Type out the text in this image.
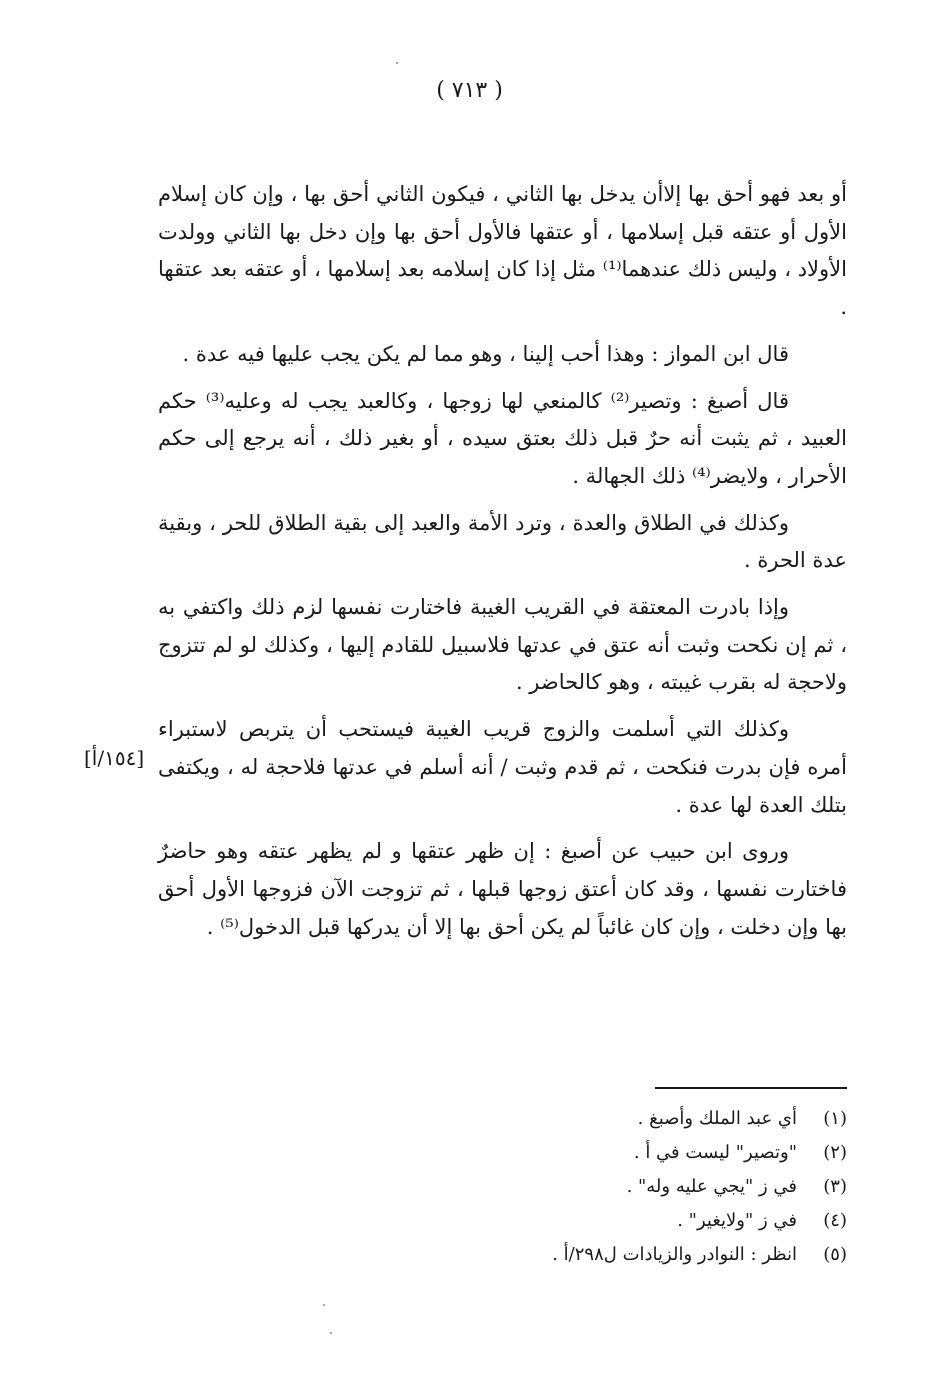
( ٧١٣ )

أو بعد فهو أحق بها إلاأن يدخل بها الثاني ، فيكون الثاني أحق بها ، وإن كان إسلام الأول أو عتقه قبل إسلامها ، أو عتقها فالأول أحق بها وإن دخل بها الثاني وولدت الأولاد ، وليس ذلك عندهما⁽¹⁾ مثل إذا كان إسلامه بعد إسلامها ، أو عتقه بعد عتقها .

قال ابن المواز : وهذا أحب إلينا ، وهو مما لم يكن يجب عليها فيه عدة .

قال أصبغ : وتصير⁽²⁾ كالمنعي لها زوجها ، وكالعبد يجب له وعليه⁽³⁾ حكم العبيد ، ثم يثبت أنه حرٌ قبل ذلك بعتق سيده ، أو بغير ذلك ، أنه يرجع إلى حكم الأحرار ، ولايضر⁽⁴⁾ ذلك الجهالة .

وكذلك في الطلاق والعدة ، وترد الأمة والعبد إلى بقية الطلاق للحر ، وبقية عدة الحرة .

وإذا بادرت المعتقة في القريب الغيبة فاختارت نفسها لزم ذلك واكتفي به ، ثم إن نكحت وثبت أنه عتق في عدتها فلاسبيل للقادم إليها ، وكذلك لو لم تتزوج ولاحجة له بقرب غيبته ، وهو كالحاضر .

وكذلك التي أسلمت والزوج قريب الغيبة فيستحب أن يتربص لاستبراء أمره فإن بدرت فنكحت ، ثم قدم وثبت / أنه أسلم في عدتها فلاحجة له ، ويكتفى بتلك العدة لها عدة .

وروى ابن حبيب عن أصبغ : إن ظهر عتقها و لم يظهر عتقه وهو حاضرٌ فاختارت نفسها ، وقد كان أعتق زوجها قبلها ، ثم تزوجت الآن فزوجها الأول أحق بها وإن دخلت ، وإن كان غائباً لم يكن أحق بها إلا أن يدركها قبل الدخول⁽⁵⁾ .

[١٥٤/أ]
(١)
أي عبد الملك وأصبغ .
(٢)
"وتصير" ليست في أ .
(٣)
في ز "يجي عليه وله" .
(٤)
في ز "ولايغير" .
(٥)
انظر : النوادر والزيادات ل٢٩٨/أ .
